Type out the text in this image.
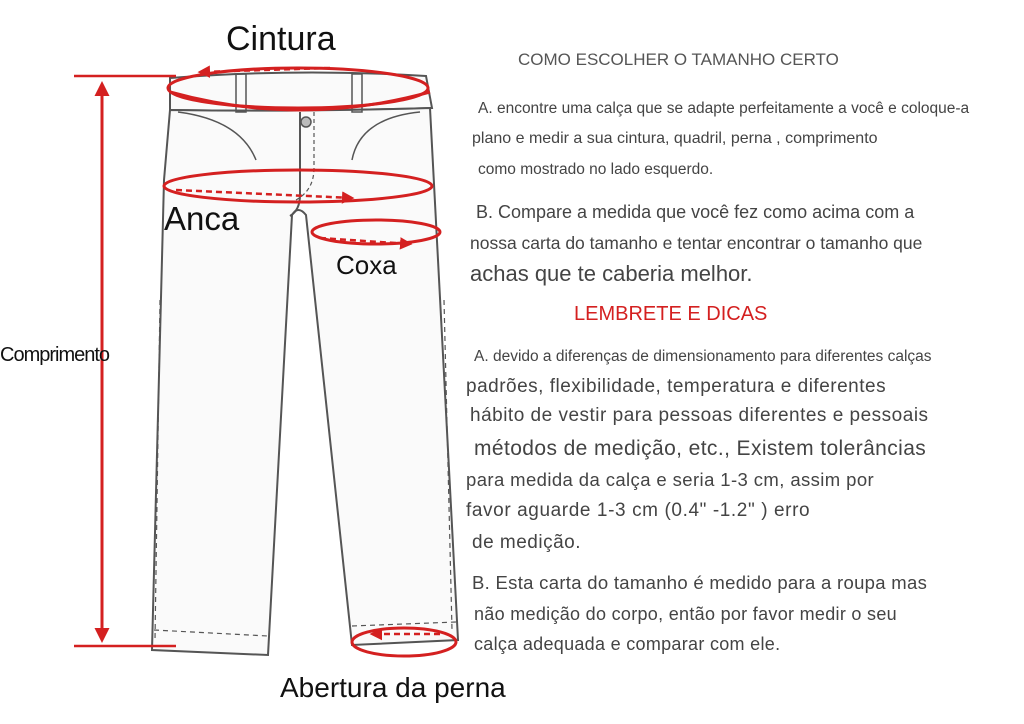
Cintura
Anca
Coxa
Comprimento
Abertura da perna
COMO ESCOLHER O TAMANHO CERTO
A. encontre uma calça que se adapte perfeitamente a você e coloque-a
plano e medir a sua cintura, quadril, perna , comprimento
como mostrado no lado esquerdo.
B. Compare a medida que você fez como acima com a
nossa carta do tamanho e tentar encontrar o tamanho que
achas que te caberia melhor.
LEMBRETE E DICAS
A. devido a diferenças de dimensionamento para diferentes calças
padrões, flexibilidade, temperatura e diferentes
hábito de vestir para pessoas diferentes e pessoais
métodos de medição, etc., Existem tolerâncias
para medida da calça e seria 1-3 cm, assim por
favor aguarde 1-3 cm (0.4" -1.2" ) erro
de medição.
B. Esta carta do tamanho é medido para a roupa mas
não medição do corpo, então por favor medir o seu
calça adequada e comparar com ele.
